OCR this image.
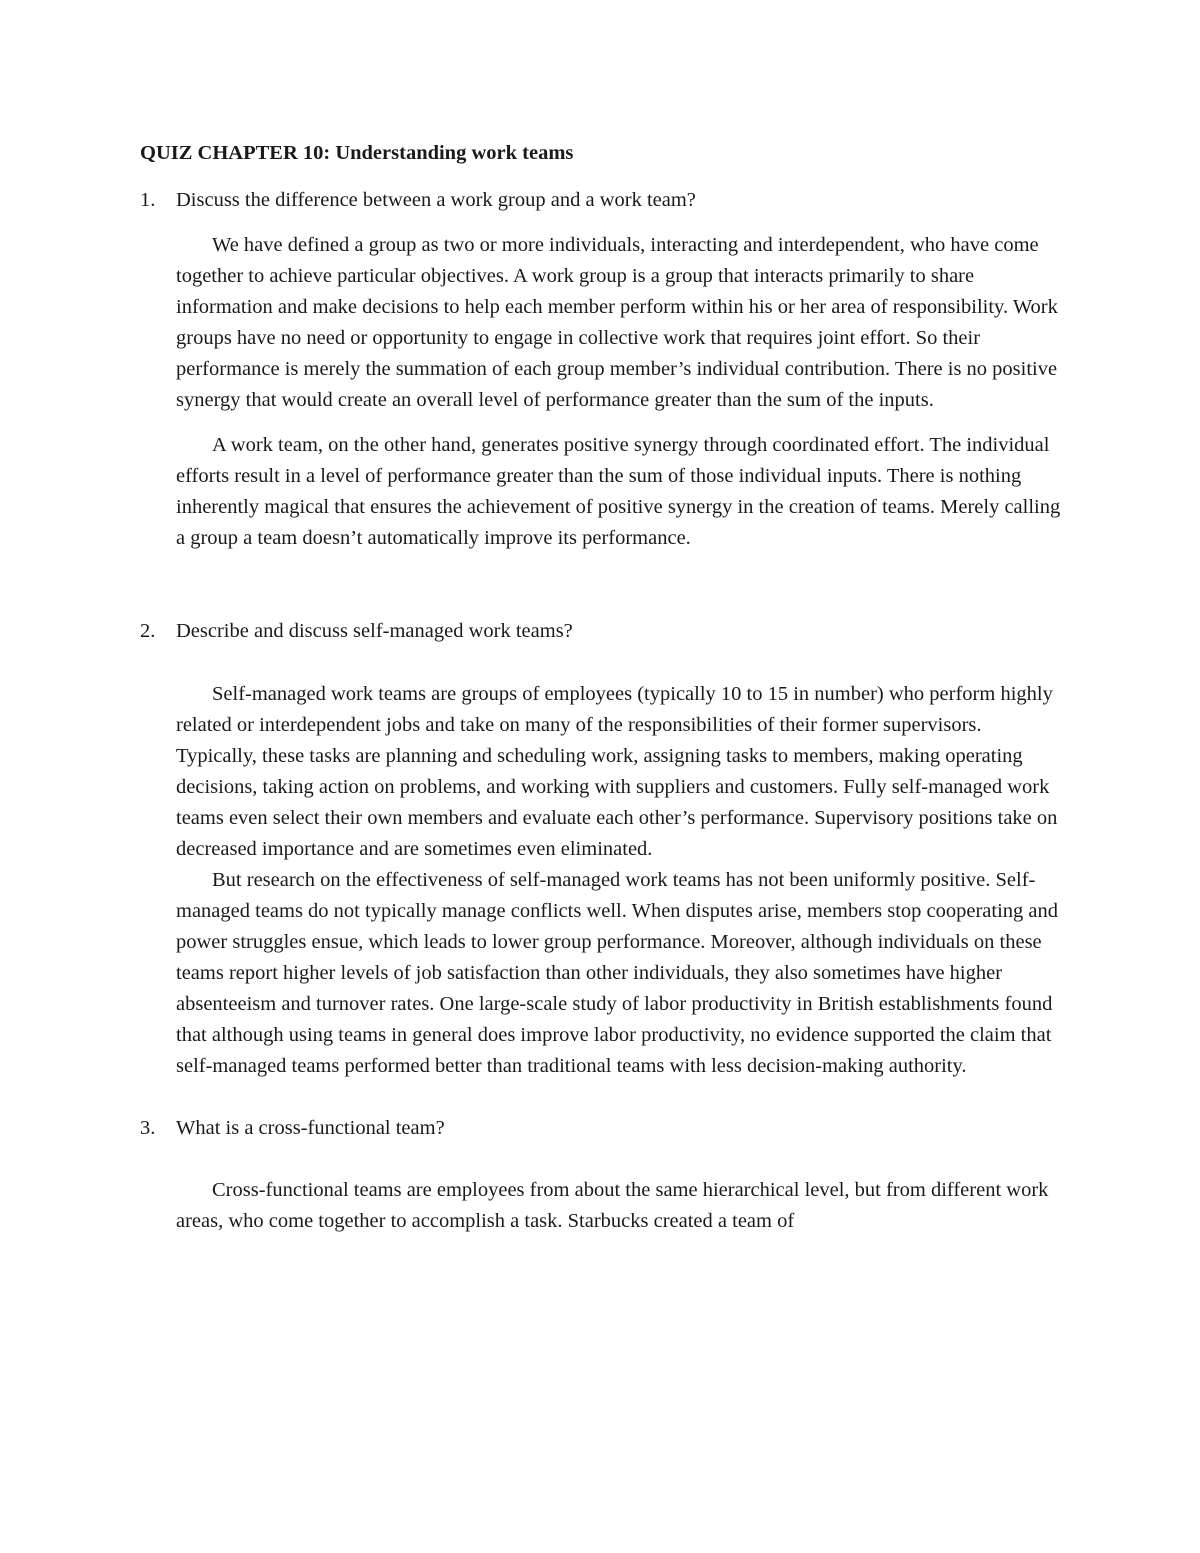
QUIZ CHAPTER 10: Understanding work teams

1. Discuss the difference between a work group and a work team?

We have defined a group as two or more individuals, interacting and interdependent, who have come together to achieve particular objectives. A work group is a group that interacts primarily to share information and make decisions to help each member perform within his or her area of responsibility. Work groups have no need or opportunity to engage in collective work that requires joint effort. So their performance is merely the summation of each group member’s individual contribution. There is no positive synergy that would create an overall level of performance greater than the sum of the inputs.

A work team, on the other hand, generates positive synergy through coordinated effort. The individual efforts result in a level of performance greater than the sum of those individual inputs. There is nothing inherently magical that ensures the achievement of positive synergy in the creation of teams. Merely calling a group a team doesn’t automatically improve its performance.

2. Describe and discuss self-managed work teams?

Self-managed work teams are groups of employees (typically 10 to 15 in number) who perform highly related or interdependent jobs and take on many of the responsibilities of their former supervisors. Typically, these tasks are planning and scheduling work, assigning tasks to members, making operating decisions, taking action on problems, and working with suppliers and customers. Fully self-managed work teams even select their own members and evaluate each other’s performance. Supervisory positions take on decreased importance and are sometimes even eliminated.

But research on the effectiveness of self-managed work teams has not been uniformly positive. Self-managed teams do not typically manage conflicts well. When disputes arise, members stop cooperating and power struggles ensue, which leads to lower group performance. Moreover, although individuals on these teams report higher levels of job satisfaction than other individuals, they also sometimes have higher absenteeism and turnover rates. One large-scale study of labor productivity in British establishments found that although using teams in general does improve labor productivity, no evidence supported the claim that self-managed teams performed better than traditional teams with less decision-making authority.

3. What is a cross-functional team?

Cross-functional teams are employees from about the same hierarchical level, but from different work areas, who come together to accomplish a task. Starbucks created a team of
